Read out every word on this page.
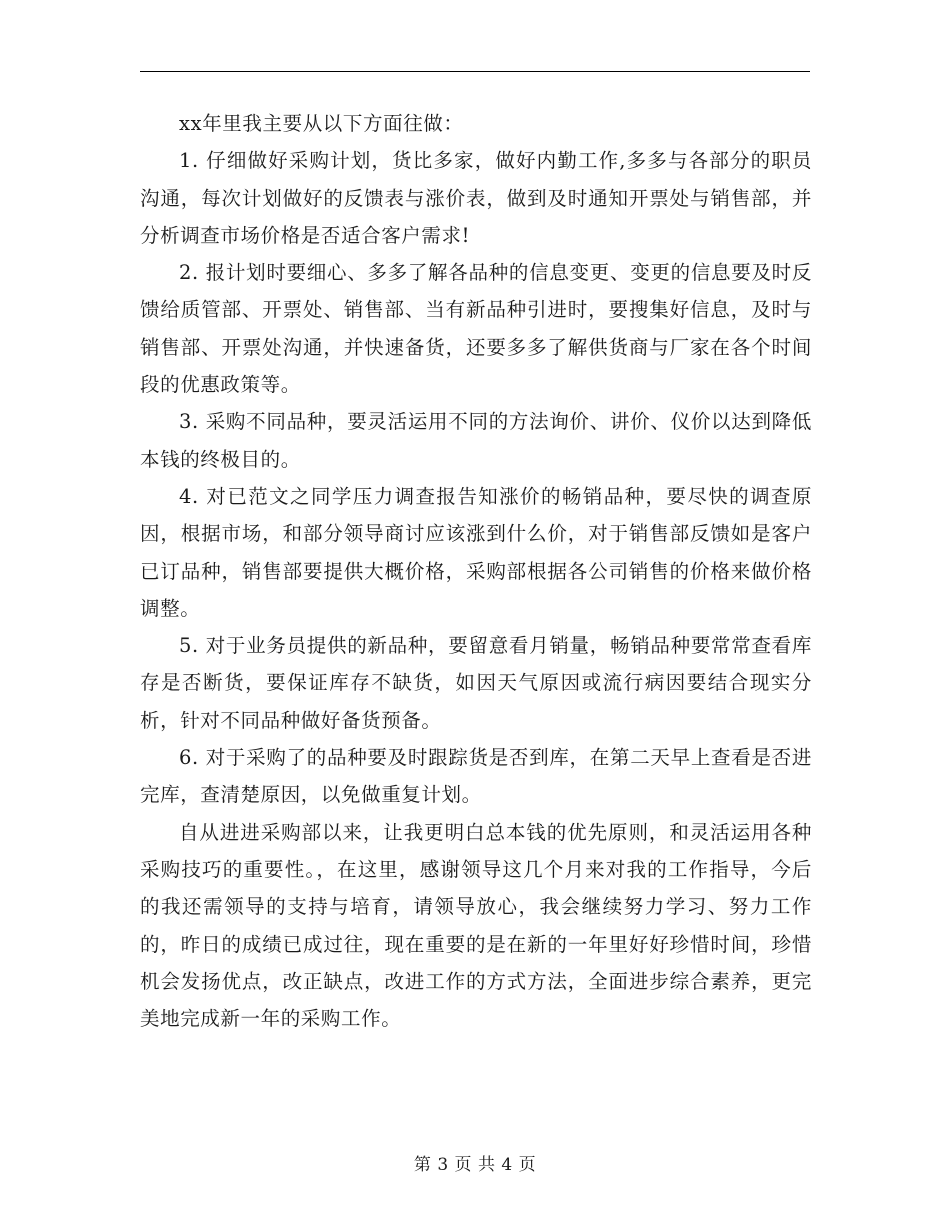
xx年里我主要从以下方面往做：

1. 仔细做好采购计划，货比多家，做好内勤工作,多多与各部分的职员沟通，每次计划做好的反馈表与涨价表，做到及时通知开票处与销售部，并分析调查市场价格是否适合客户需求!

2. 报计划时要细心、多多了解各品种的信息变更、变更的信息要及时反馈给质管部、开票处、销售部、当有新品种引进时，要搜集好信息，及时与销售部、开票处沟通，并快速备货，还要多多了解供货商与厂家在各个时间段的优惠政策等。

3. 采购不同品种，要灵活运用不同的方法询价、讲价、仪价以达到降低本钱的终极目的。

4. 对已范文之同学压力调查报告知涨价的畅销品种，要尽快的调查原因，根据市场，和部分领导商讨应该涨到什么价，对于销售部反馈如是客户已订品种，销售部要提供大概价格，采购部根据各公司销售的价格来做价格调整。

5. 对于业务员提供的新品种，要留意看月销量，畅销品种要常常查看库存是否断货，要保证库存不缺货，如因天气原因或流行病因要结合现实分析，针对不同品种做好备货预备。

6. 对于采购了的品种要及时跟踪货是否到库，在第二天早上查看是否进完库，查清楚原因，以免做重复计划。

自从进进采购部以来，让我更明白总本钱的优先原则，和灵活运用各种采购技巧的重要性。，在这里，感谢领导这几个月来对我的工作指导，今后的我还需领导的支持与培育，请领导放心，我会继续努力学习、努力工作的，昨日的成绩已成过往，现在重要的是在新的一年里好好珍惜时间，珍惜机会发扬优点，改正缺点，改进工作的方式方法，全面进步综合素养，更完美地完成新一年的采购工作。

第 3 页 共 4 页
